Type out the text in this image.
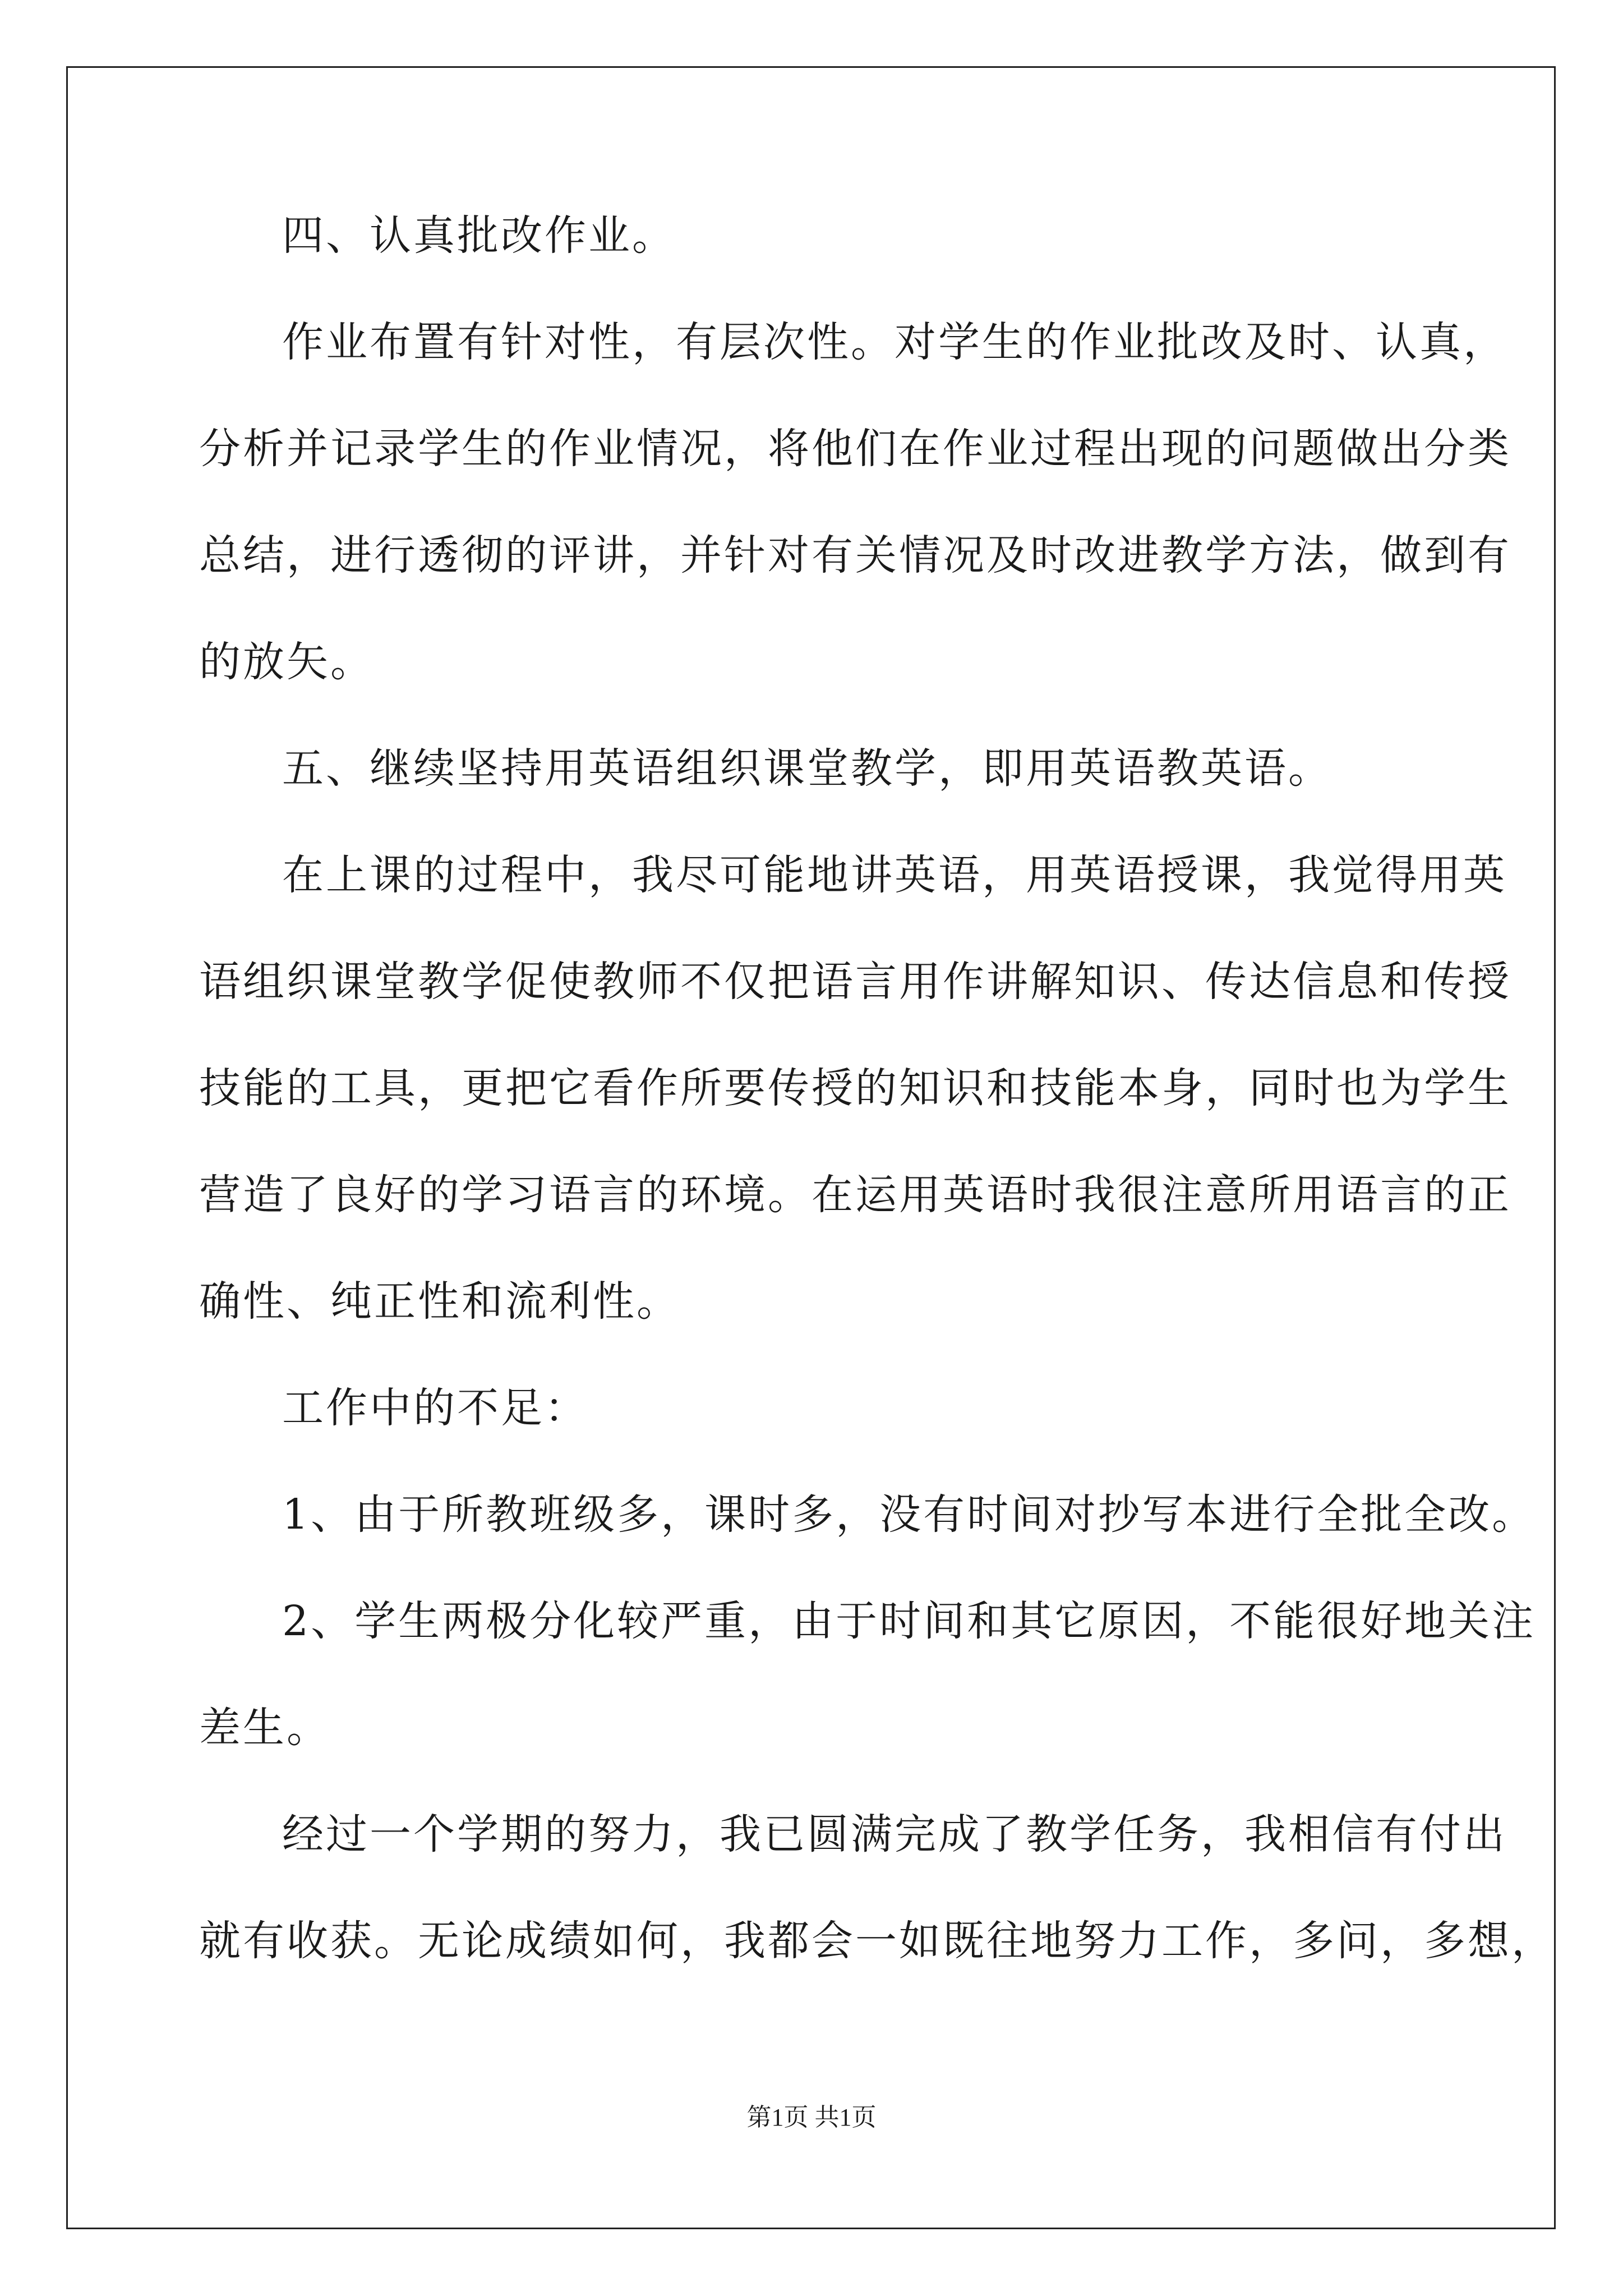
四、认真批改作业。
作业布置有针对性，有层次性。对学生的作业批改及时、认真，
分析并记录学生的作业情况，将他们在作业过程出现的问题做出分类
总结，进行透彻的评讲，并针对有关情况及时改进教学方法，做到有
的放矢。
五、继续坚持用英语组织课堂教学，即用英语教英语。
在上课的过程中，我尽可能地讲英语，用英语授课，我觉得用英
语组织课堂教学促使教师不仅把语言用作讲解知识、传达信息和传授
技能的工具，更把它看作所要传授的知识和技能本身，同时也为学生
营造了良好的学习语言的环境。在运用英语时我很注意所用语言的正
确性、纯正性和流利性。
工作中的不足：
1、由于所教班级多，课时多，没有时间对抄写本进行全批全改。
2、学生两极分化较严重，由于时间和其它原因，不能很好地关注
差生。
经过一个学期的努力，我已圆满完成了教学任务，我相信有付出
就有收获。无论成绩如何，我都会一如既往地努力工作，多问，多想，
第1页 共1页
